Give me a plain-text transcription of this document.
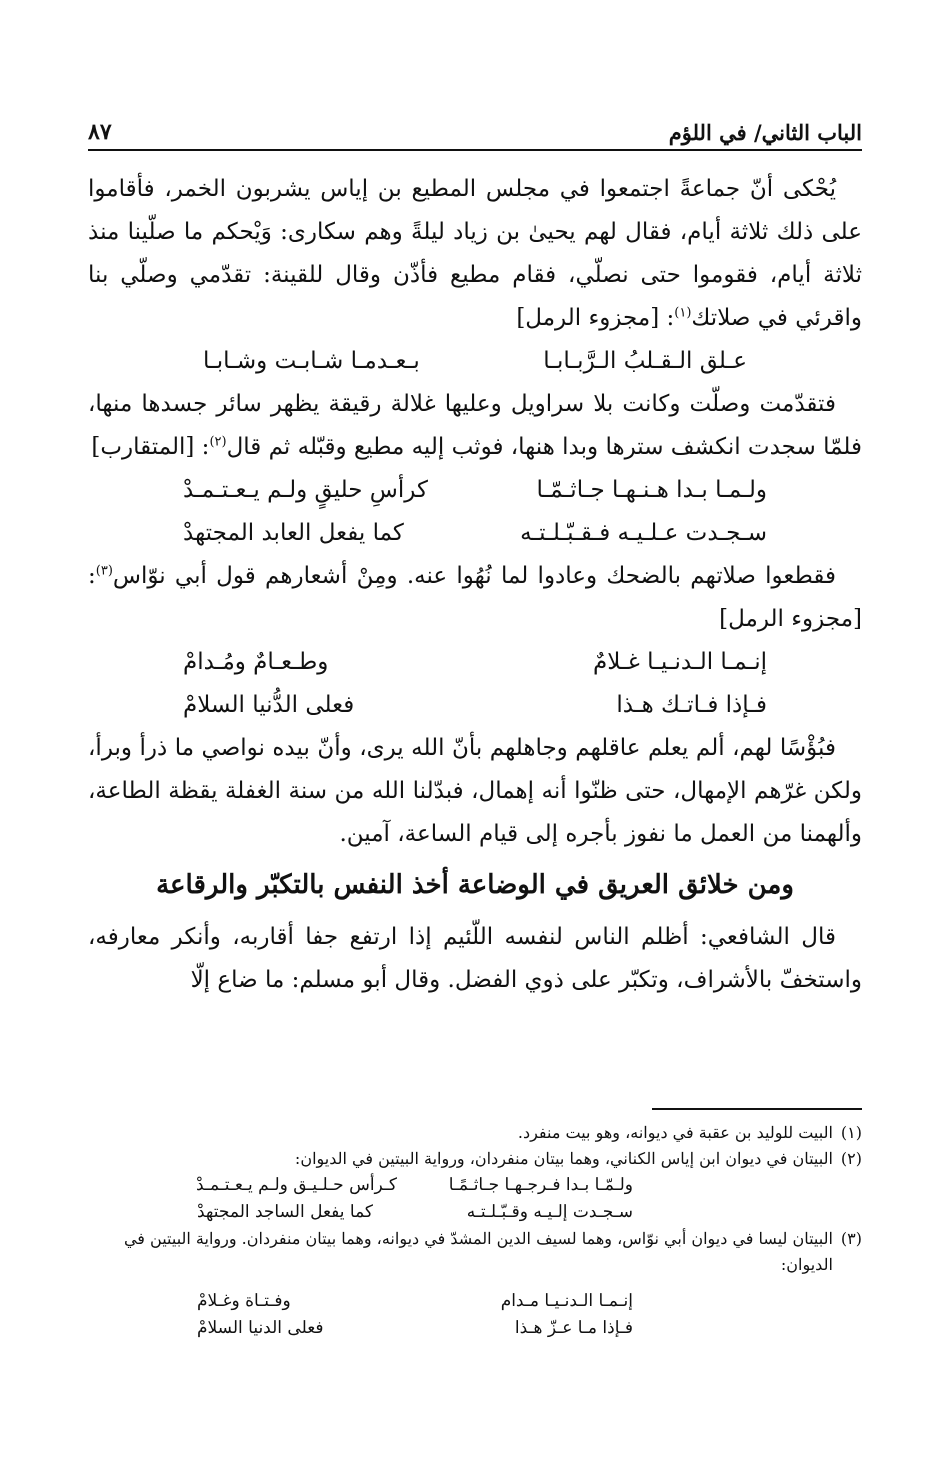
الباب الثاني/ في اللؤم
٨٧

يُحْكى أنّ جماعةً اجتمعوا في مجلس المطيع بن إياس يشربون الخمر، فأقاموا على ذلك ثلاثة أيام، فقال لهم يحيىٰ بن زياد ليلةً وهم سكارى: وَيْحكم ما صلّينا منذ ثلاثة أيام، فقوموا حتى نصلّي، فقام مطيع فأذّن وقال للقينة: تقدّمي وصلّي بنا واقرئي في صلاتك$^{(١)}$: [مجزوء الرمل]

عـلق الـقـلبُ الـرَّبـابـا
بـعـدمـا شـابـت وشـابـا

فتقدّمت وصلّت وكانت بلا سراويل وعليها غلالة رقيقة يظهر سائر جسدها منها، فلمّا سجدت انكشف سترها وبدا هنها، فوثب إليه مطيع وقبّله ثم قال$^{(٢)}$: [المتقارب]

ولـمـا بـدا هـنـهـا جـاثـمّـا
كرأسِ حليقٍ ولـم يـعـتـمـدْ
سـجـدت عـلـيـه فـقـبّـلـتـه
كما يفعل العابد المجتهدْ

فقطعوا صلاتهم بالضحك وعادوا لما نُهُوا عنه. ومِنْ أشعارهم قول أبي نوّاس$^{(٣)}$: [مجزوء الرمل]

إنـمـا الـدنـيـا غـلامٌ
وطـعـامٌ ومُـدامْ
فـإذا فـاتـك هـذا
فعلى الدُّنيا السلامْ

فبُؤْسًا لهم، ألم يعلم عاقلهم وجاهلهم بأنّ الله يرى، وأنّ بيده نواصي ما ذرأ وبرأ، ولكن غرّهم الإمهال، حتى ظنّوا أنه إهمال، فبدّلنا الله من سنة الغفلة يقظة الطاعة، وألهمنا من العمل ما نفوز بأجره إلى قيام الساعة، آمين.

ومن خلائق العريق في الوضاعة أخذ النفس بالتكبّر والرقاعة

قال الشافعي: أظلم الناس لنفسه اللّئيم إذا ارتفع جفا أقاربه، وأنكر معارفه، واستخفّ بالأشراف، وتكبّر على ذوي الفضل. وقال أبو مسلم: ما ضاع إلّا

(١)
البيت للوليد بن عقبة في ديوانه، وهو بيت منفرد.
(٢)
البيتان في ديوان ابن إياس الكناني، وهما بيتان منفردان، ورواية البيتين في الديوان:
ولـمّـا بـدا فـرجـهـا جـاثـمًـا
كـرأس حـلـيـق ولـم يـعـتـمـدْ
سـجـدت إلـيـه وقـبّـلـتـه
كما يفعل الساجد المجتهدْ
(٣)
البيتان ليسا في ديوان أبي نوّاس، وهما لسيف الدين المشدّ في ديوانه، وهما بيتان منفردان. ورواية البيتين في الديوان:
إنـمـا الـدنـيـا مـدام
وفـتـاة وغـلامْ
فـإذا مـا عـزّ هـذا
فعلى الدنيا السلامْ
